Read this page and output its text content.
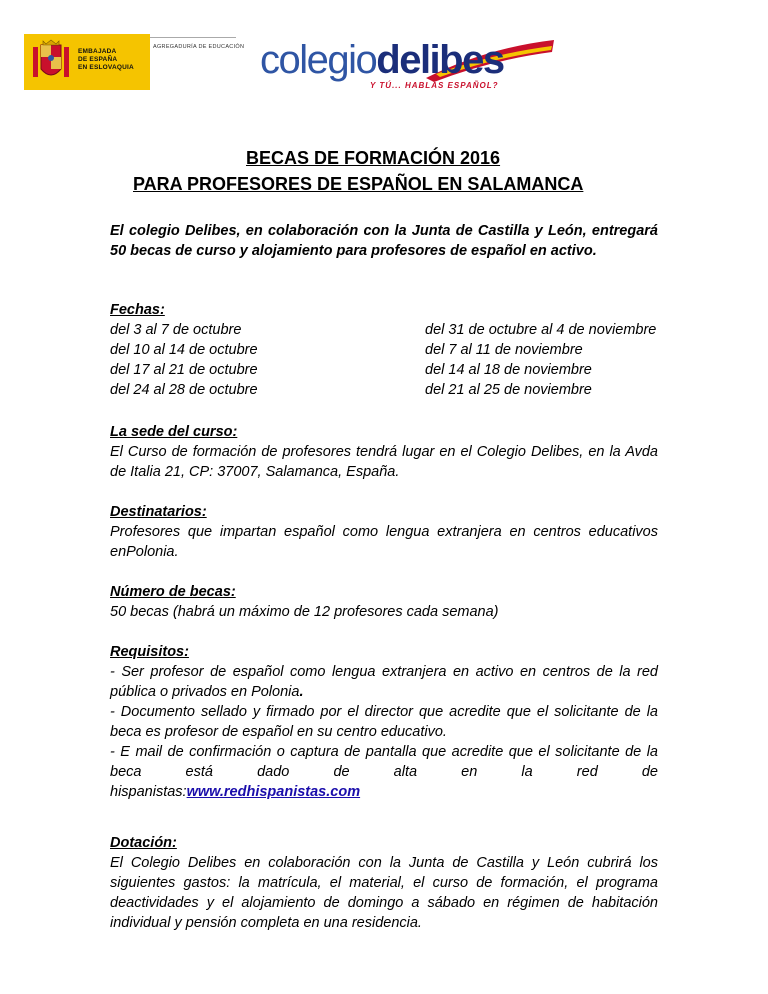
EMBAJADA
DE ESPAÑA
EN ESLOVAQUIA
AGREGADURÍA DE EDUCACIÓN colegiodelibes
Y TÚ... HABLAS ESPAÑOL?
BECAS DE FORMACIÓN 2016
PARA PROFESORES DE ESPAÑOL EN SALAMANCA
El colegio Delibes, en colaboración con la Junta de Castilla y León, entregará 50 becas de curso y alojamiento para profesores de español en activo.
Fechas:
del 3 al 7 de octubre
del 10 al 14 de octubre
del 17 al 21 de octubre
del 24 al 28 de octubre
del 31 de octubre al 4 de noviembre
del 7 al 11 de noviembre
del 14 al 18 de noviembre
del 21 al 25 de noviembre
La sede del curso:
El Curso de formación de profesores tendrá lugar en el Colegio Delibes, en la Avda de Italia 21, CP: 37007, Salamanca, España.
Destinatarios:
Profesores que impartan español como lengua extranjera en centros educativos enPolonia.
Número de becas:
50 becas (habrá un máximo de 12 profesores cada semana)
Requisitos:
- Ser profesor de español como lengua extranjera en activo en centros de la red pública o privados en Polonia.
- Documento sellado y firmado por el director que acredite que el solicitante de la beca es profesor de español en su centro educativo.
- E mail de confirmación o captura de pantalla que acredite que el solicitante de la beca está dado de alta en la red de
hispanistas:www.redhispanistas.com
Dotación:
El Colegio Delibes en colaboración con la Junta de Castilla y León cubrirá los siguientes gastos: la matrícula, el material, el curso de formación, el programa deactividades y el alojamiento de domingo a sábado en régimen de habitación individual y pensión completa en una residencia.
